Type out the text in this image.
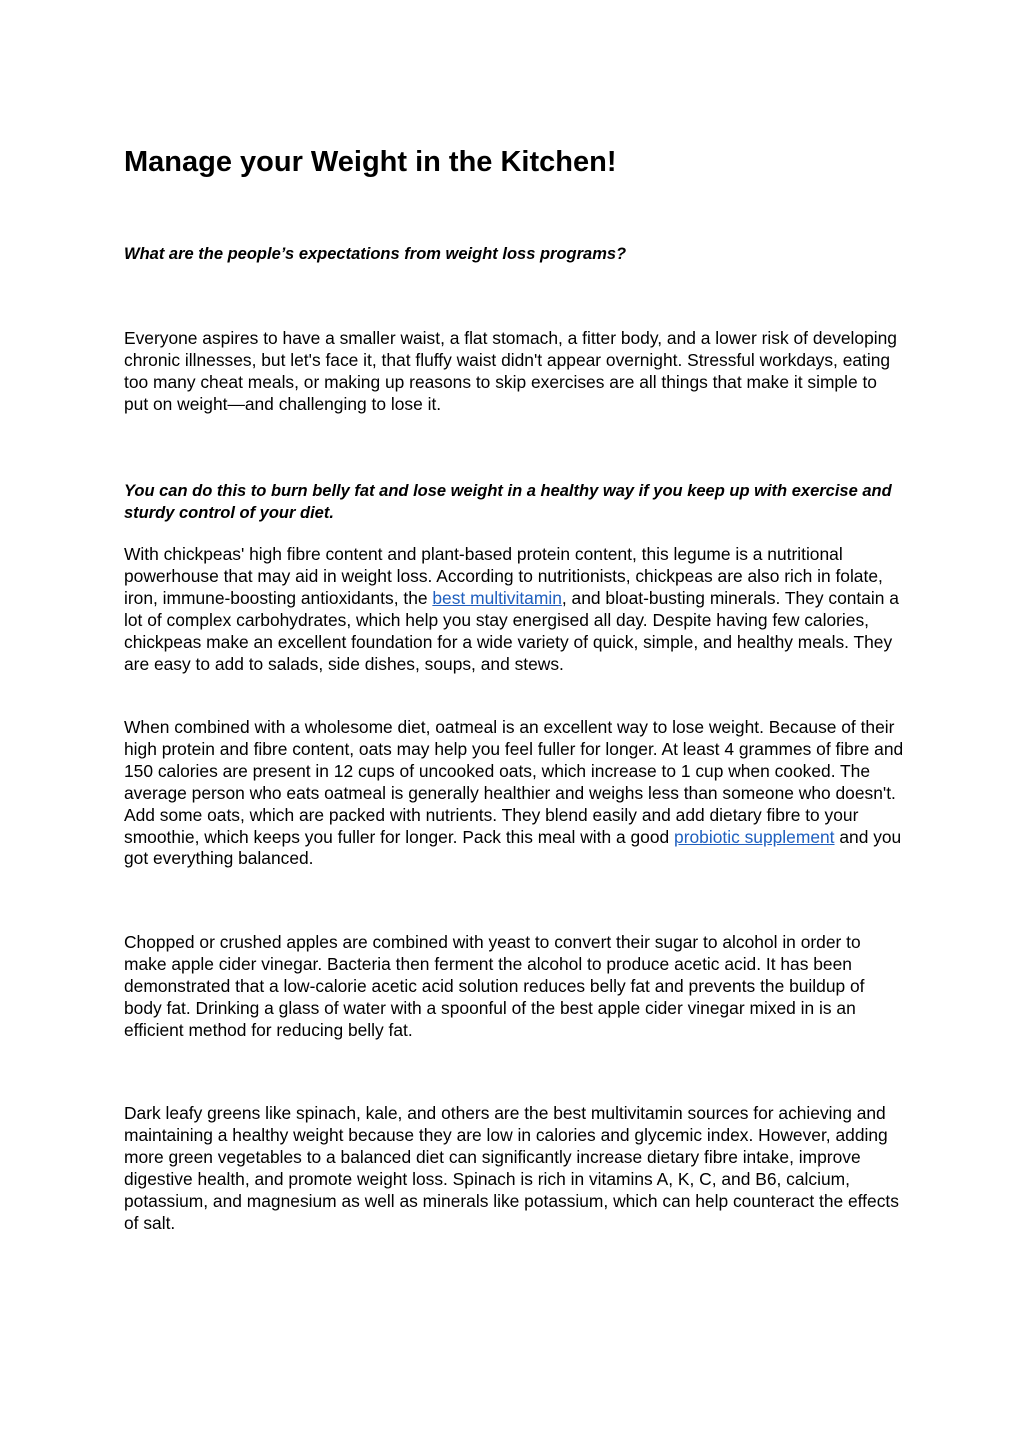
Manage your Weight in the Kitchen!

What are the people’s expectations from weight loss programs?

Everyone aspires to have a smaller waist, a flat stomach, a fitter body, and a lower risk of developing chronic illnesses, but let's face it, that fluffy waist didn't appear overnight. Stressful workdays, eating too many cheat meals, or making up reasons to skip exercises are all things that make it simple to put on weight—and challenging to lose it.

You can do this to burn belly fat and lose weight in a healthy way if you keep up with exercise and sturdy control of your diet.

With chickpeas' high fibre content and plant-based protein content, this legume is a nutritional powerhouse that may aid in weight loss. According to nutritionists, chickpeas are also rich in folate, iron, immune-boosting antioxidants, the best multivitamin, and bloat-busting minerals. They contain a lot of complex carbohydrates, which help you stay energised all day. Despite having few calories, chickpeas make an excellent foundation for a wide variety of quick, simple, and healthy meals. They are easy to add to salads, side dishes, soups, and stews.

When combined with a wholesome diet, oatmeal is an excellent way to lose weight. Because of their high protein and fibre content, oats may help you feel fuller for longer. At least 4 grammes of fibre and 150 calories are present in 12 cups of uncooked oats, which increase to 1 cup when cooked. The average person who eats oatmeal is generally healthier and weighs less than someone who doesn't. Add some oats, which are packed with nutrients. They blend easily and add dietary fibre to your smoothie, which keeps you fuller for longer. Pack this meal with a good probiotic supplement and you got everything balanced.

Chopped or crushed apples are combined with yeast to convert their sugar to alcohol in order to make apple cider vinegar. Bacteria then ferment the alcohol to produce acetic acid. It has been demonstrated that a low-calorie acetic acid solution reduces belly fat and prevents the buildup of body fat. Drinking a glass of water with a spoonful of the best apple cider vinegar mixed in is an efficient method for reducing belly fat.

Dark leafy greens like spinach, kale, and others are the best multivitamin sources for achieving and maintaining a healthy weight because they are low in calories and glycemic index. However, adding more green vegetables to a balanced diet can significantly increase dietary fibre intake, improve digestive health, and promote weight loss. Spinach is rich in vitamins A, K, C, and B6, calcium, potassium, and magnesium as well as minerals like potassium, which can help counteract the effects of salt.
